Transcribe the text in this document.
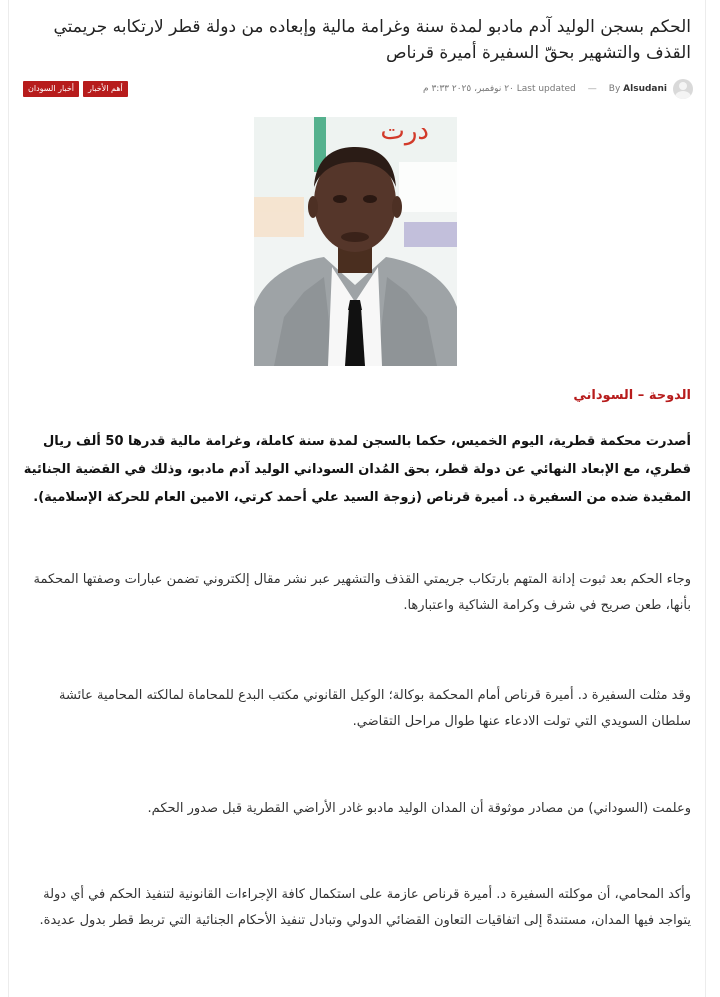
الحكم بسجن الوليد آدم مادبو لمدة سنة وغرامة مالية وإبعاده من دولة قطر لارتكابه جريمتي القذف والتشهير بحقّ السفيرة أميرة قرناص
أخبار السودان	أهم الأخبار	Last updated ٢٠ نوفمبر، ٢٠٢٥ ٣:٣٣ م — By Alsudani
درت

الدوحة – السوداني

أصدرت محكمة قطرية، اليوم الخميس، حكما بالسجن لمدة سنة كاملة، وغرامة مالية قدرها 50 ألف ريال قطري، مع الإبعاد النهائي عن دولة قطر، بحق المُدان السوداني الوليد آدم مادبو، وذلك في القضية الجنائية المقيدة ضده من السفيرة د. أميرة قرناص (زوجة السيد علي أحمد كرتي، الامين العام للحركة الإسلامية).

وجاء الحكم بعد ثبوت إدانة المتهم بارتكاب جريمتي القذف والتشهير عبر نشر مقال إلكتروني تضمن عبارات وصفتها المحكمة بأنها، طعن صريح في شرف وكرامة الشاكية واعتبارها.

وقد مثلت السفيرة د. أميرة قرناص أمام المحكمة بوكالة؛ الوكيل القانوني مكتب البدع للمحاماة لمالكته المحامية عائشة سلطان السويدي التي تولت الادعاء عنها طوال مراحل التقاضي.

وعلمت (السوداني) من مصادر موثوقة أن المدان الوليد مادبو غادر الأراضي القطرية قبل صدور الحكم.

وأكد المحامي، أن موكلته السفيرة د. أميرة قرناص عازمة على استكمال كافة الإجراءات القانونية لتنفيذ الحكم في أي دولة يتواجد فيها المدان، مستندةً إلى اتفاقيات التعاون القضائي الدولي وتبادل تنفيذ الأحكام الجنائية التي تربط قطر بدول عديدة.
